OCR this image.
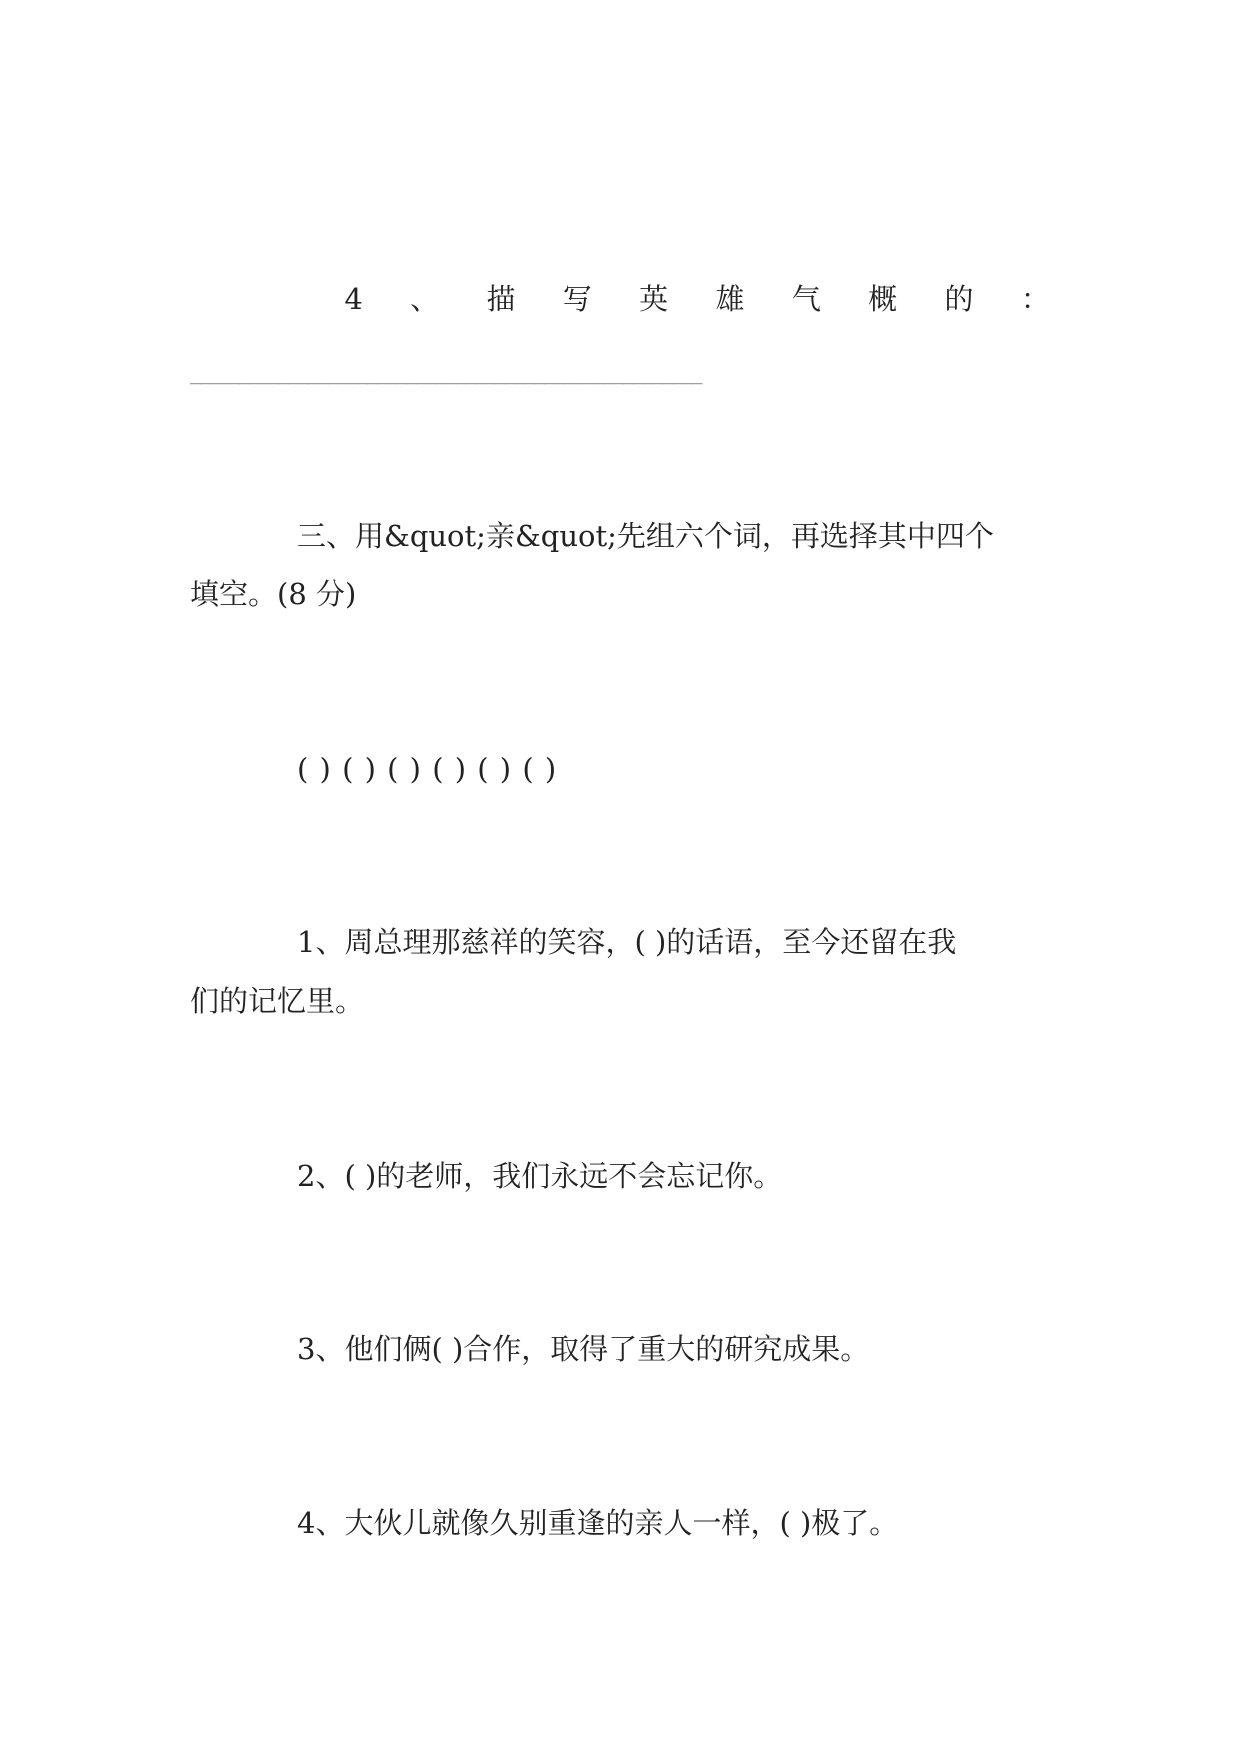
4 、 描 写 英 雄 气 概 的 ：
____________________________________________________
三、用&quot;亲&quot;先组六个词，再选择其中四个
填空。(8 分)
( ) ( ) ( ) ( ) ( ) ( )
1、周总理那慈祥的笑容，( )的话语，至今还留在我
们的记忆里。
2、( )的老师，我们永远不会忘记你。
3、他们俩( )合作，取得了重大的研究成果。
4、大伙儿就像久别重逢的亲人一样，( )极了。
